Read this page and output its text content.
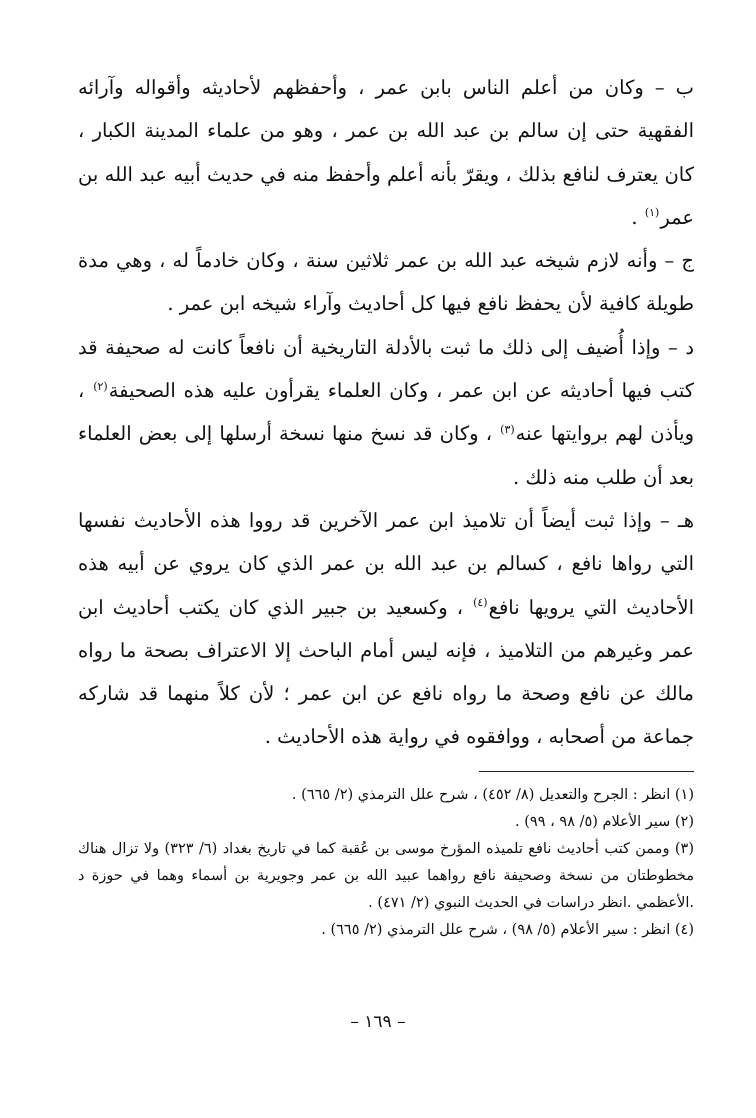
ب – وكان من أعلم الناس بابن عمر ، وأحفظهم لأحاديثه وأقواله وآرائه الفقهية حتى إن سالم بن عبد الله بن عمر ، وهو من علماء المدينة الكبار ، كان يعترف لنافع بذلك ، ويقرّ بأنه أعلم وأحفظ منه في حديث أبيه عبد الله بن عمر$^{(١)}$ .

ج – وأنه لازم شيخه عبد الله بن عمر ثلاثين سنة ، وكان خادماً له ، وهي مدة طويلة كافية لأن يحفظ نافع فيها كل أحاديث وآراء شيخه ابن عمر .

د – وإذا أُضيف إلى ذلك ما ثبت بالأدلة التاريخية أن نافعاً كانت له صحيفة قد كتب فيها أحاديثه عن ابن عمر ، وكان العلماء يقرأون عليه هذه الصحيفة$^{(٢)}$ ، ويأذن لهم بروايتها عنه$^{(٣)}$ ، وكان قد نسخ منها نسخة أرسلها إلى بعض العلماء بعد أن طلب منه ذلك .

هـ – وإذا ثبت أيضاً أن تلاميذ ابن عمر الآخرين قد رووا هذه الأحاديث نفسها التي رواها نافع ، كسالم بن عبد الله بن عمر الذي كان يروي عن أبيه هذه الأحاديث التي يرويها نافع$^{(٤)}$ ، وكسعيد بن جبير الذي كان يكتب أحاديث ابن عمر وغيرهم من التلاميذ ، فإنه ليس أمام الباحث إلا الاعتراف بصحة ما رواه مالك عن نافع وصحة ما رواه نافع عن ابن عمر ؛ لأن كلاً منهما قد شاركه جماعة من أصحابه ، ووافقوه في رواية هذه الأحاديث .

(١) انظر : الجرح والتعديل (٨/ ٤٥٢) ، شرح علل الترمذي (٢/ ٦٦٥) .

(٢) سير الأعلام (٥/ ٩٨ ، ٩٩) .

(٣) وممن كتب أحاديث نافع تلميذه المؤرخ موسى بن عُقبة كما في تاريخ بغداد (٦/ ٣٢٣) ولا تزال هناك مخطوطتان من نسخة وصحيفة نافع رواهما عبيد الله بن عمر وجويرية بن أسماء وهما في حوزة د .الأعظمي .انظر دراسات في الحديث النبوي (٢/ ٤٧١) .

(٤) انظر : سير الأعلام (٥/ ٩٨) ، شرح علل الترمذي (٢/ ٦٦٥) .

– ١٦٩ –
